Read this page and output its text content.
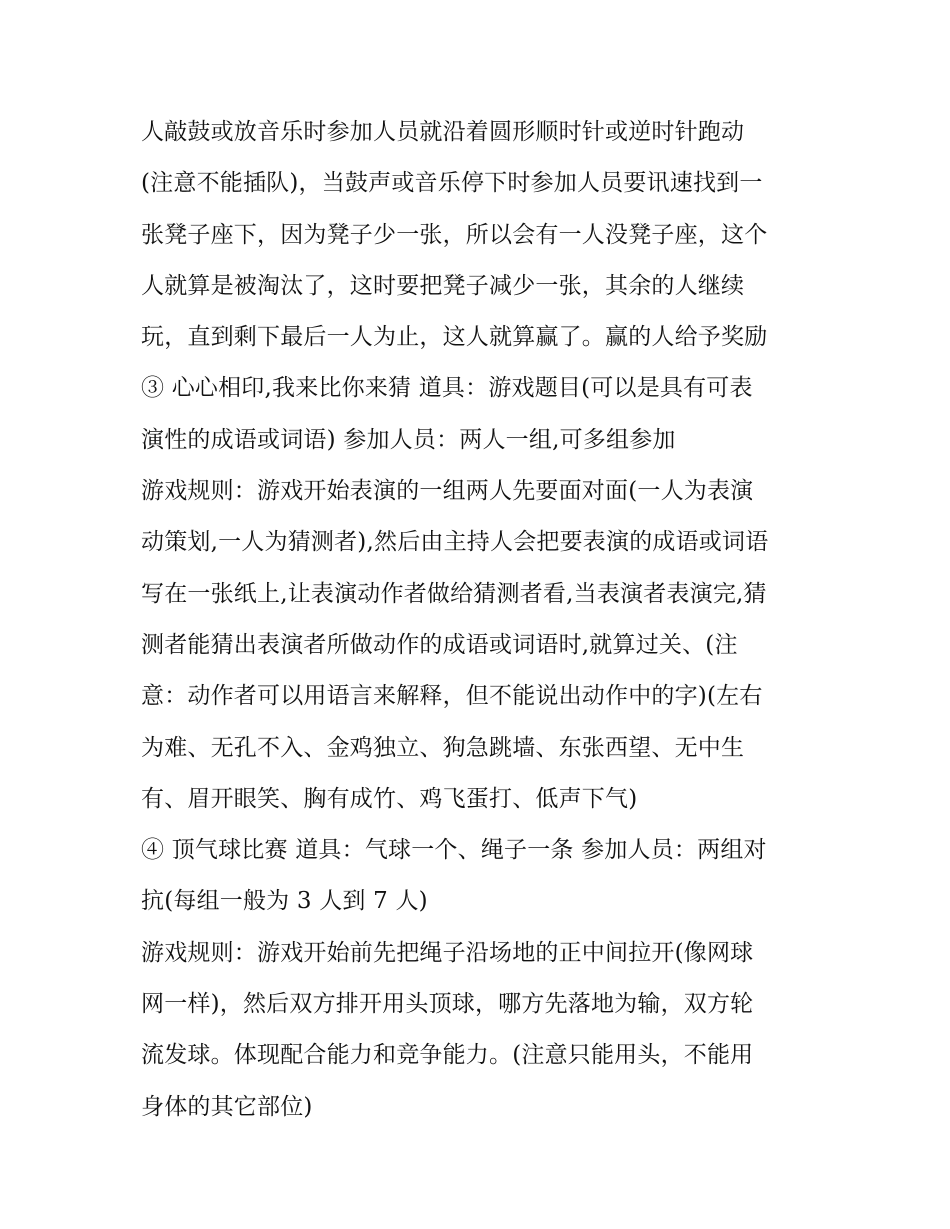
人敲鼓或放音乐时参加人员就沿着圆形顺时针或逆时针跑动
(注意不能插队)，当鼓声或音乐停下时参加人员要讯速找到一
张凳子座下，因为凳子少一张，所以会有一人没凳子座，这个
人就算是被淘汰了，这时要把凳子减少一张，其余的人继续
玩，直到剩下最后一人为止，这人就算赢了。赢的人给予奖励
③ 心心相印,我来比你来猜 道具：游戏题目(可以是具有可表
演性的成语或词语) 参加人员：两人一组,可多组参加
游戏规则：游戏开始表演的一组两人先要面对面(一人为表演
动策划,一人为猜测者),然后由主持人会把要表演的成语或词语
写在一张纸上,让表演动作者做给猜测者看,当表演者表演完,猜
测者能猜出表演者所做动作的成语或词语时,就算过关、(注
意：动作者可以用语言来解释，但不能说出动作中的字)(左右
为难、无孔不入、金鸡独立、狗急跳墙、东张西望、无中生
有、眉开眼笑、胸有成竹、鸡飞蛋打、低声下气)
④ 顶气球比赛 道具：气球一个、绳子一条 参加人员：两组对
抗(每组一般为 3 人到 7 人)
游戏规则：游戏开始前先把绳子沿场地的正中间拉开(像网球
网一样)，然后双方排开用头顶球，哪方先落地为输，双方轮
流发球。体现配合能力和竞争能力。(注意只能用头，不能用
身体的其它部位)
